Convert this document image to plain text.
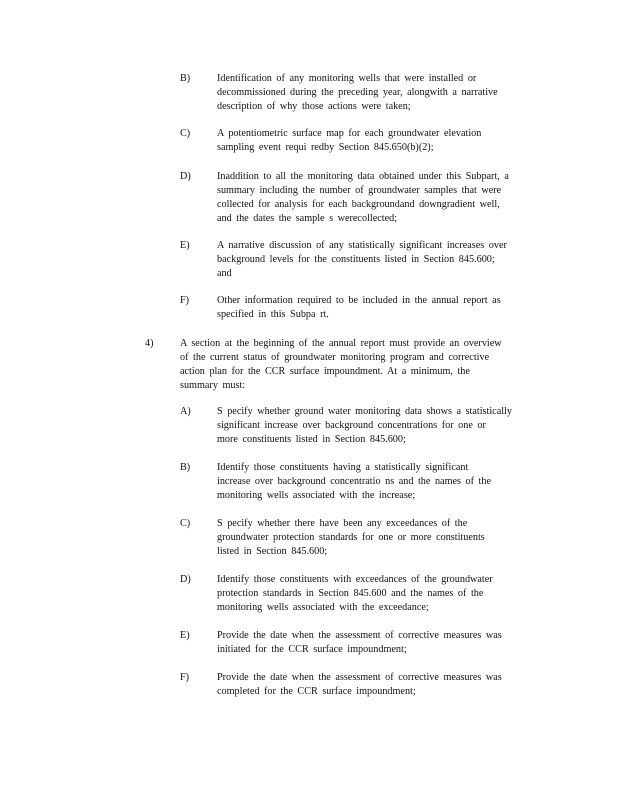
B)	Identification of any monitoring wells that were installed or
decommissioned during the preceding year, alongwith a narrative
description of why those actions were taken;
C)	A potentiometric surface map for each groundwater elevation
sampling event requi redby Section 845.650(b)(2);
D)	Inaddition to all the monitoring data obtained under this Subpart, a
summary including the number of groundwater samples that were
collected for analysis for each backgroundand downgradient well,
and the dates the sample s werecollected;
E)	A narrative discussion of any statistically significant increases over
background levels for the constituents listed in Section 845.600;
and
F)	Other information required to be included in the annual report as
specified in this Subpa rt.
4)	A section at the beginning of the annual report must provide an overview
of the current status of groundwater monitoring program and corrective
action plan for the CCR surface impoundment. At a minimum, the
summary must:
A)	S pecify whether ground water monitoring data shows a statistically
significant increase over background concentrations for one or
more constituents listed in Section 845.600;
B)	Identify those constituents having a statistically significant
increase over background concentratio ns and the names of the
monitoring wells associated with the increase;
C)	S pecify whether there have been any exceedances of the
groundwater protection standards for one or more constituents
listed in Section 845.600;
D)	Identify those constituents with exceedances of the groundwater
protection standards in Section 845.600 and the names of the
monitoring wells associated with the exceedance;
E)	Provide the date when the assessment of corrective measures was
initiated for the CCR surface impoundment;
F)	Provide the date when the assessment of corrective measures was
completed for the CCR surface impoundment;
